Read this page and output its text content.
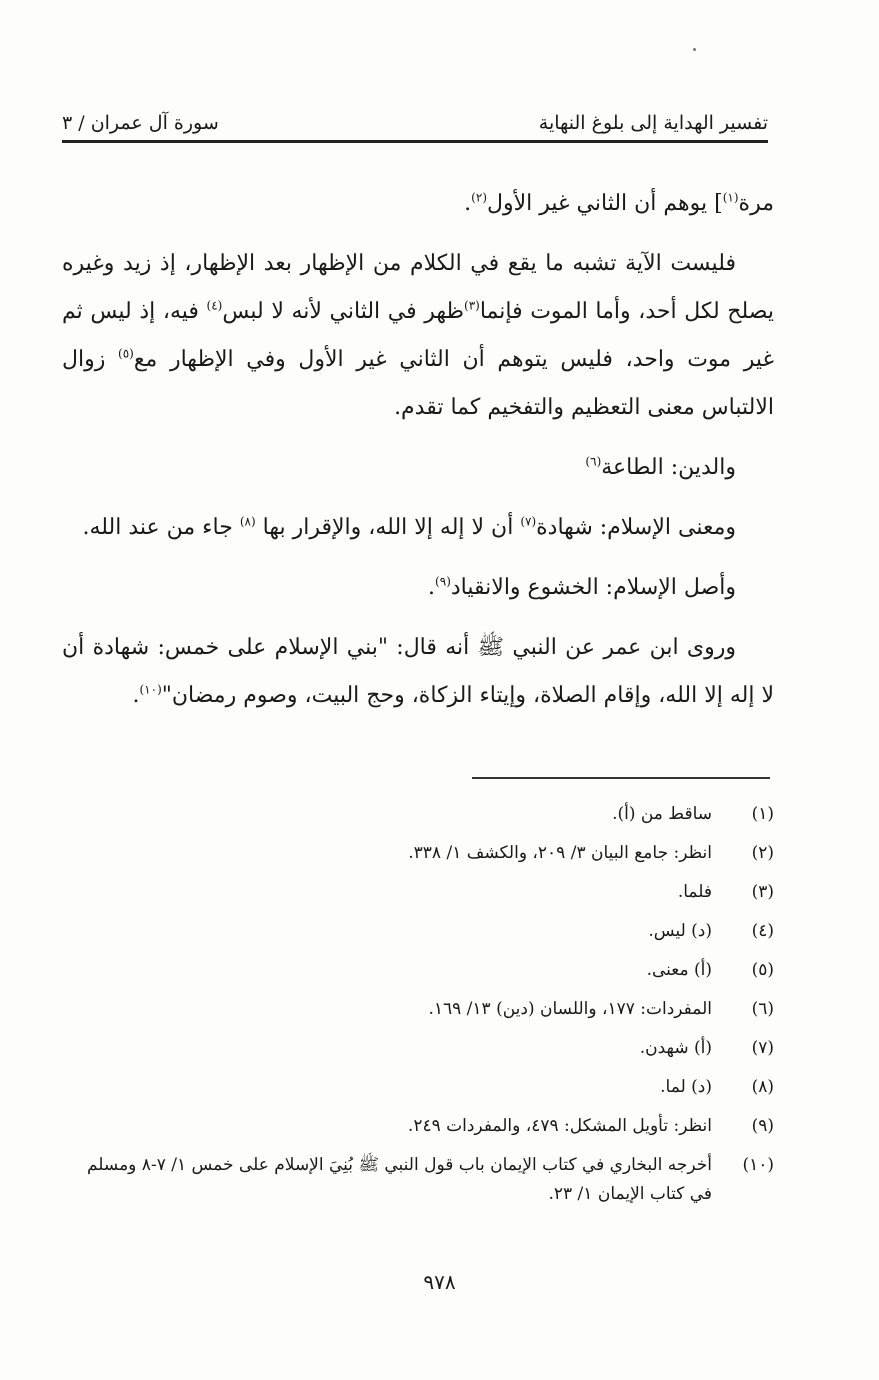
تفسير الهداية إلى بلوغ النهاية
سورة آل عمران / ٣

مرة$^{(١)}$] يوهم أن الثاني غير الأول$^{(٢)}$.

فليست الآية تشبه ما يقع في الكلام من الإظهار بعد الإظهار، إذ زيد وغيره يصلح لكل أحد، وأما الموت فإنما$^{(٣)}$ظهر في الثاني لأنه لا لبس$^{(٤)}$ فيه، إذ ليس ثم غير موت واحد، فليس يتوهم أن الثاني غير الأول وفي الإظهار مع$^{(٥)}$ زوال الالتباس معنى التعظيم والتفخيم كما تقدم.

والدين: الطاعة$^{(٦)}$

ومعنى الإسلام: شهادة$^{(٧)}$ أن لا إله إلا الله، والإقرار بها $^{(٨)}$ جاء من عند الله.

وأصل الإسلام: الخشوع والانقياد$^{(٩)}$.

وروى ابن عمر عن النبي ﷺ أنه قال: "بني الإسلام على خمس: شهادة أن لا إله إلا الله، وإقام الصلاة، وإيتاء الزكاة، وحج البيت، وصوم رمضان"$^{(١٠)}$.

(١)
ساقط من (أ).
(٢)
انظر: جامع البيان ٣/ ٢٠٩، والكشف ١/ ٣٣٨.
(٣)
فلما.
(٤)
(د) ليس.
(٥)
(أ) معنى.
(٦)
المفردات: ١٧٧، واللسان (دين) ١٣/ ١٦٩.
(٧)
(أ) شهدن.
(٨)
(د) لما.
(٩)
انظر: تأويل المشكل: ٤٧٩، والمفردات ٢٤٩.
(١٠)
أخرجه البخاري في كتاب الإيمان باب قول النبي ﷺ بُنِيَ الإسلام على خمس ١/ ٧-٨ ومسلم في كتاب الإيمان ١/ ٢٣.
٩٧٨
